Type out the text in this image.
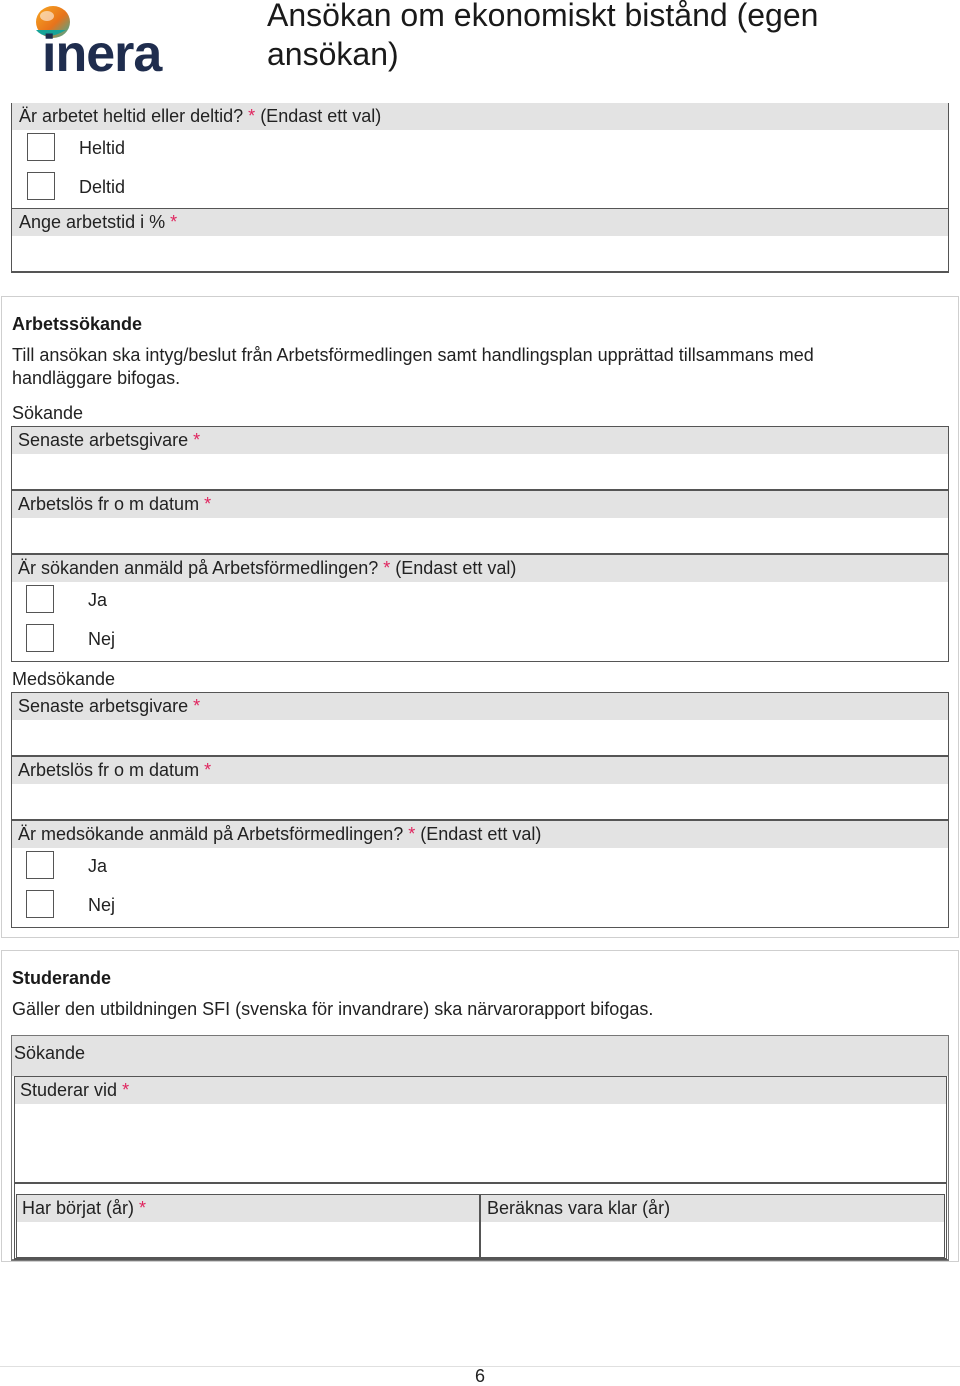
inera
Ansökan om ekonomiskt bistånd (egen ansökan)
Är arbetet heltid eller deltid? * (Endast ett val)
Heltid
Deltid
Ange arbetstid i % *
Arbetssökande
Till ansökan ska intyg/beslut från Arbetsförmedlingen samt handlingsplan upprättad tillsammans med handläggare bifogas.
Sökande
Senaste arbetsgivare *
Arbetslös fr o m datum *
Är sökanden anmäld på Arbetsförmedlingen? * (Endast ett val)
Ja
Nej
Medsökande
Senaste arbetsgivare *
Arbetslös fr o m datum *
Är medsökande anmäld på Arbetsförmedlingen? * (Endast ett val)
Ja
Nej
Studerande
Gäller den utbildningen SFI (svenska för invandrare) ska närvarorapport bifogas.
Sökande
Studerar vid *
Har börjat (år) *	Beräknas vara klar (år)
6
